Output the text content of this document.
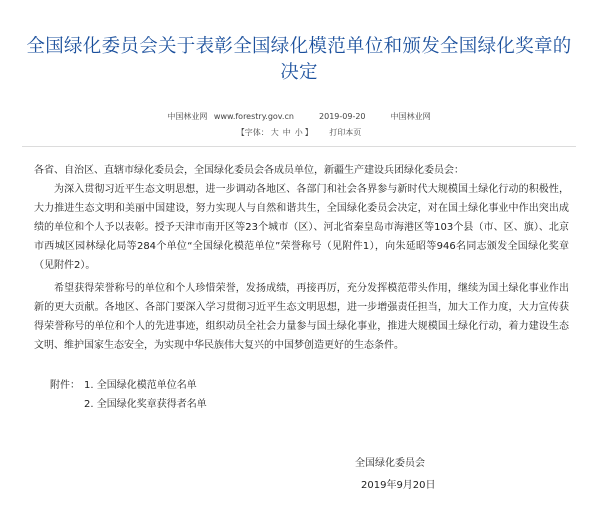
全国绿化委员会关于表彰全国绿化模范单位和颁发全国绿化奖章的决定
中国林业网 www.forestry.gov.cn	2019-09-20	中国林业网
【字体： 大 中 小 】 打印本页

各省、自治区、直辖市绿化委员会，全国绿化委员会各成员单位，新疆生产建设兵团绿化委员会：

为深入贯彻习近平生态文明思想，进一步调动各地区、各部门和社会各界参与新时代大规模国土绿化行动的积极性，大力推进生态文明和美丽中国建设，努力实现人与自然和谐共生，全国绿化委员会决定，对在国土绿化事业中作出突出成绩的单位和个人予以表彰。授予天津市南开区等23个城市（区）、河北省秦皇岛市海港区等103个县（市、区、旗）、北京市西城区园林绿化局等284个单位“全国绿化模范单位”荣誉称号（见附件1），向朱延昭等946名同志颁发全国绿化奖章（见附件2）。

希望获得荣誉称号的单位和个人珍惜荣誉，发扬成绩，再接再厉，充分发挥模范带头作用，继续为国土绿化事业作出新的更大贡献。各地区、各部门要深入学习贯彻习近平生态文明思想，进一步增强责任担当，加大工作力度，大力宣传获得荣誉称号的单位和个人的先进事迹，组织动员全社会力量参与国土绿化事业，推进大规模国土绿化行动，着力建设生态文明、维护国家生态安全，为实现中华民族伟大复兴的中国梦创造更好的生态条件。

附件： 1. 全国绿化模范单位名单
2. 全国绿化奖章获得者名单
全国绿化委员会
2019年9月20日
